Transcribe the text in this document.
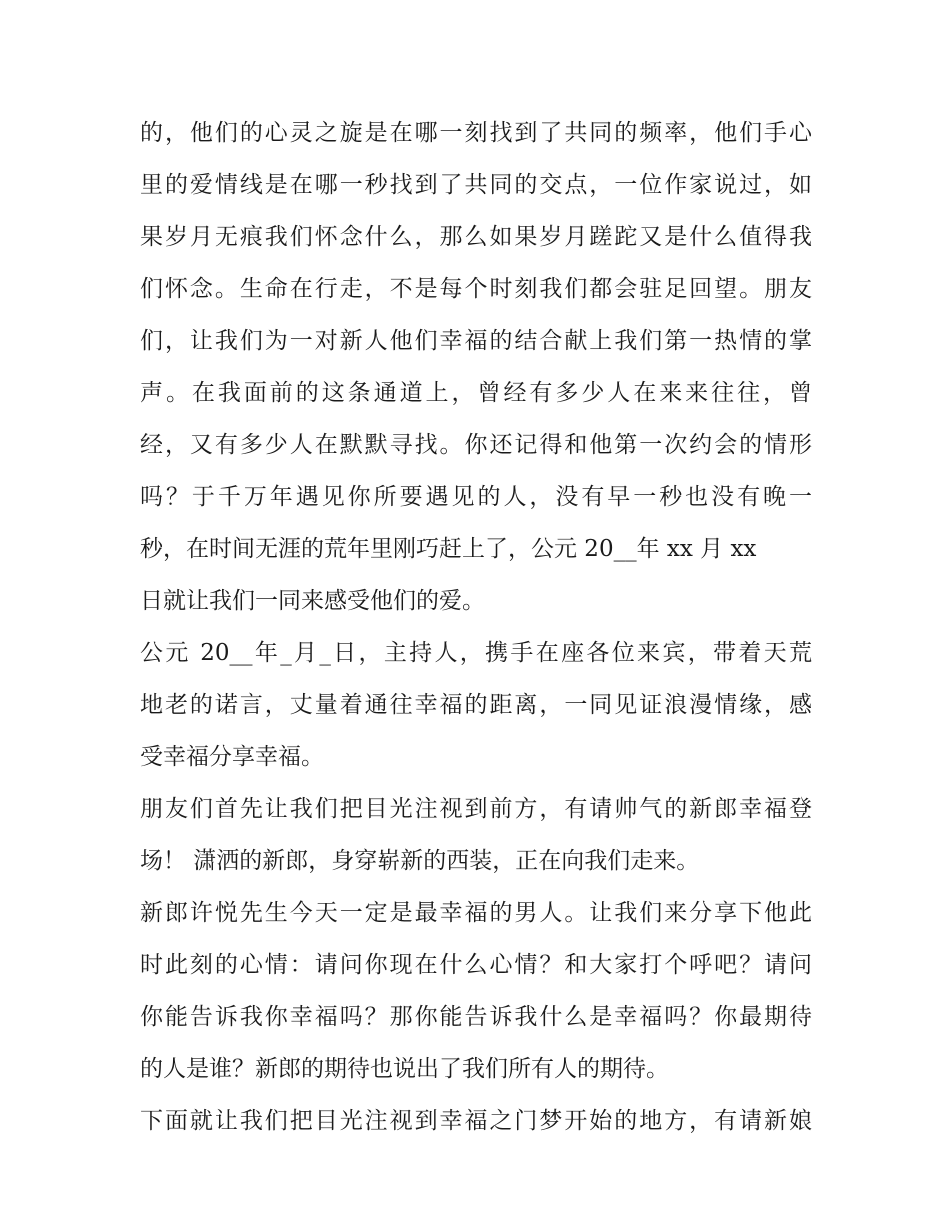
的，他们的心灵之旋是在哪一刻找到了共同的频率，他们手心
里的爱情线是在哪一秒找到了共同的交点，一位作家说过，如
果岁月无痕我们怀念什么，那么如果岁月蹉跎又是什么值得我
们怀念。生命在行走，不是每个时刻我们都会驻足回望。朋友
们，让我们为一对新人他们幸福的结合献上我们第一热情的掌
声。在我面前的这条通道上，曾经有多少人在来来往往，曾
经，又有多少人在默默寻找。你还记得和他第一次约会的情形
吗？于千万年遇见你所要遇见的人，没有早一秒也没有晚一
秒，在时间无涯的荒年里刚巧赶上了，公元 20__年 xx 月 xx
日就让我们一同来感受他们的爱。
公元 20__年_月_日，主持人，携手在座各位来宾，带着天荒
地老的诺言，丈量着通往幸福的距离，一同见证浪漫情缘，感
受幸福分享幸福。
朋友们首先让我们把目光注视到前方，有请帅气的新郎幸福登
场！ 潇洒的新郎，身穿崭新的西装，正在向我们走来。
新郎许悦先生今天一定是最幸福的男人。让我们来分享下他此
时此刻的心情：请问你现在什么心情？和大家打个呼吧？请问
你能告诉我你幸福吗？那你能告诉我什么是幸福吗？你最期待
的人是谁？新郎的期待也说出了我们所有人的期待。
下面就让我们把目光注视到幸福之门梦开始的地方，有请新娘
